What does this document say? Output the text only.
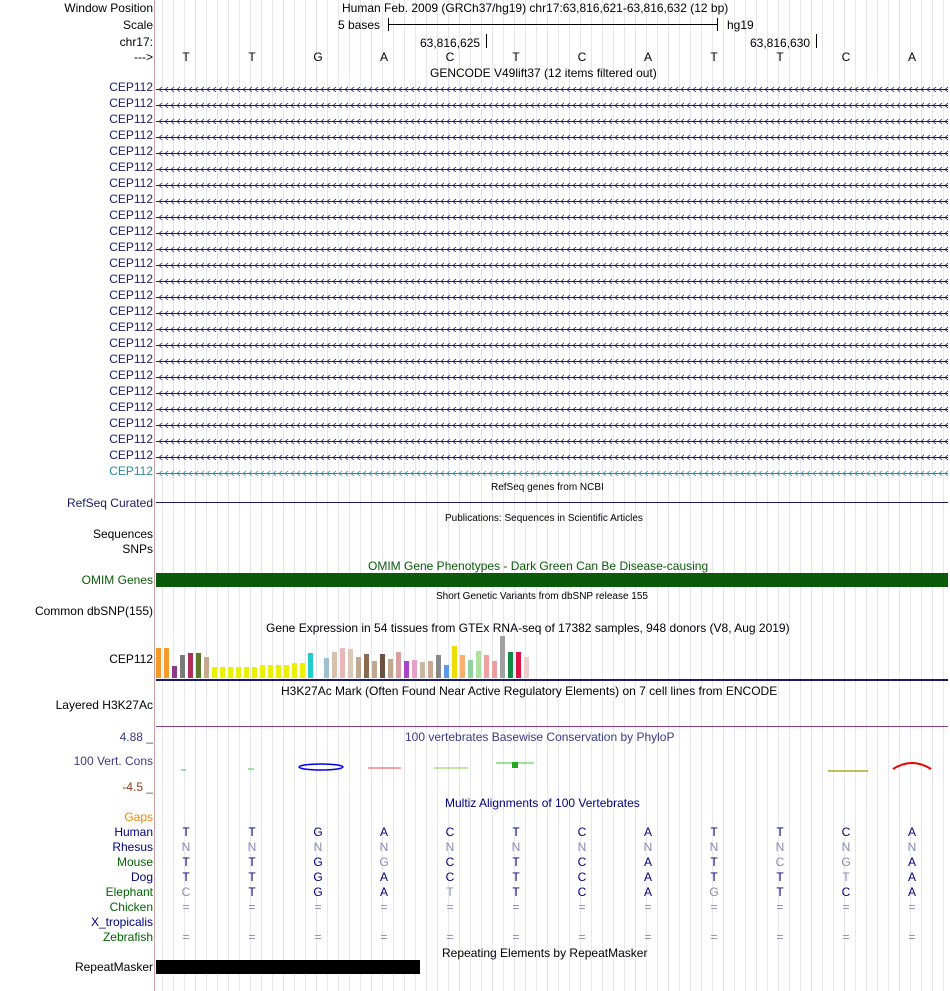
Window Position	Human Feb. 2009 (GRCh37/hg19) chr17:63,816,621-63,816,632 (12 bp)
Scale	5 bases	hg19
chr17:	63,816,625	63,816,630
--->	T	T	G	A	C	T	C	A	T	T	C	A
GENCODE V49lift37 (12 items filtered out)
CEP112
CEP112
CEP112
CEP112
CEP112
CEP112
CEP112
CEP112
CEP112
CEP112
CEP112
CEP112
CEP112
CEP112
CEP112
CEP112
CEP112
CEP112
CEP112
CEP112
CEP112
CEP112
CEP112
CEP112
CEP112
RefSeq genes from NCBI
RefSeq Curated
Publications: Sequences in Scientific Articles
Sequences
SNPs
OMIM Gene Phenotypes - Dark Green Can Be Disease-causing
OMIM Genes
Short Genetic Variants from dbSNP release 155
Common dbSNP(155)
Gene Expression in 54 tissues from GTEx RNA-seq of 17382 samples, 948 donors (V8, Aug 2019)
CEP112
H3K27Ac Mark (Often Found Near Active Regulatory Elements) on 7 cell lines from ENCODE
Layered H3K27Ac
100 vertebrates Basewise Conservation by PhyloP
4.88 _
100 Vert. Cons
-4.5 _
Multiz Alignments of 100 Vertebrates
Gaps
Human	T	T	G	A	C	T	C	A	T	T	C	A
Rhesus	N	N	N	N	N	N	N	N	N	N	N	N
Mouse	T	T	G	G	C	T	C	A	T	C	G	A
Dog	T	T	G	A	C	T	C	A	T	T	T	A
Elephant	C	T	G	A	T	T	C	A	G	T	C	A
Chicken	=	=	=	=	=	=	=	=	=	=	=	=
X_tropicalis
Zebrafish	=	=	=	=	=	=	=	=	=	=	=	=
Repeating Elements by RepeatMasker
RepeatMasker
